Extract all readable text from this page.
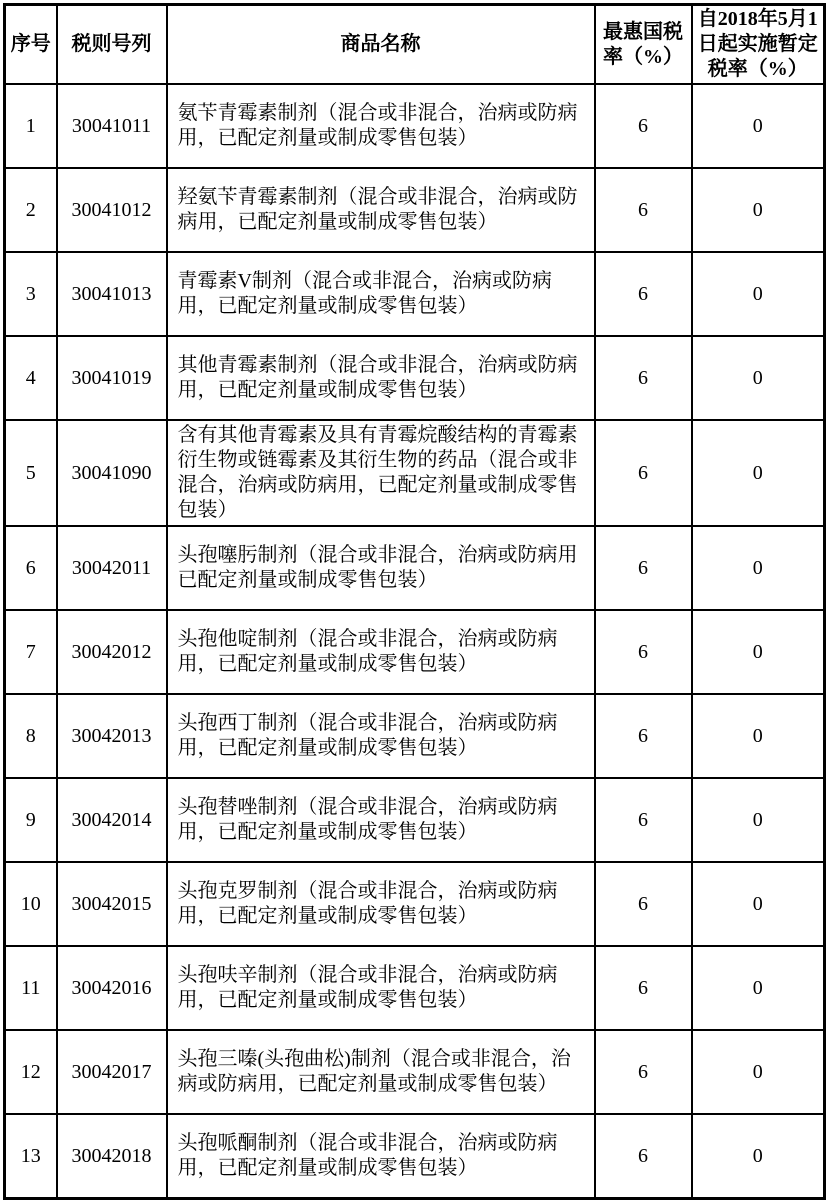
序号	税则号列	商品名称	最惠国税率（%）	自2018年5月1日起实施暂定税率（%）
1	30041011	氨苄青霉素制剂（混合或非混合，治病或防病用，已配定剂量或制成零售包装）	6	0
2	30041012	羟氨苄青霉素制剂（混合或非混合，治病或防病用，已配定剂量或制成零售包装）	6	0
3	30041013	青霉素V制剂（混合或非混合，治病或防病用，已配定剂量或制成零售包装）	6	0
4	30041019	其他青霉素制剂（混合或非混合，治病或防病用，已配定剂量或制成零售包装）	6	0
5	30041090	含有其他青霉素及具有青霉烷酸结构的青霉素衍生物或链霉素及其衍生物的药品（混合或非混合，治病或防病用，已配定剂量或制成零售包装）	6	0
6	30042011	头孢噻肟制剂（混合或非混合，治病或防病用已配定剂量或制成零售包装）	6	0
7	30042012	头孢他啶制剂（混合或非混合，治病或防病用，已配定剂量或制成零售包装）	6	0
8	30042013	头孢西丁制剂（混合或非混合，治病或防病用，已配定剂量或制成零售包装）	6	0
9	30042014	头孢替唑制剂（混合或非混合，治病或防病用，已配定剂量或制成零售包装）	6	0
10	30042015	头孢克罗制剂（混合或非混合，治病或防病用，已配定剂量或制成零售包装）	6	0
11	30042016	头孢呋辛制剂（混合或非混合，治病或防病用，已配定剂量或制成零售包装）	6	0
12	30042017	头孢三嗪(头孢曲松)制剂（混合或非混合，治病或防病用，已配定剂量或制成零售包装）	6	0
13	30042018	头孢哌酮制剂（混合或非混合，治病或防病用，已配定剂量或制成零售包装）	6	0
